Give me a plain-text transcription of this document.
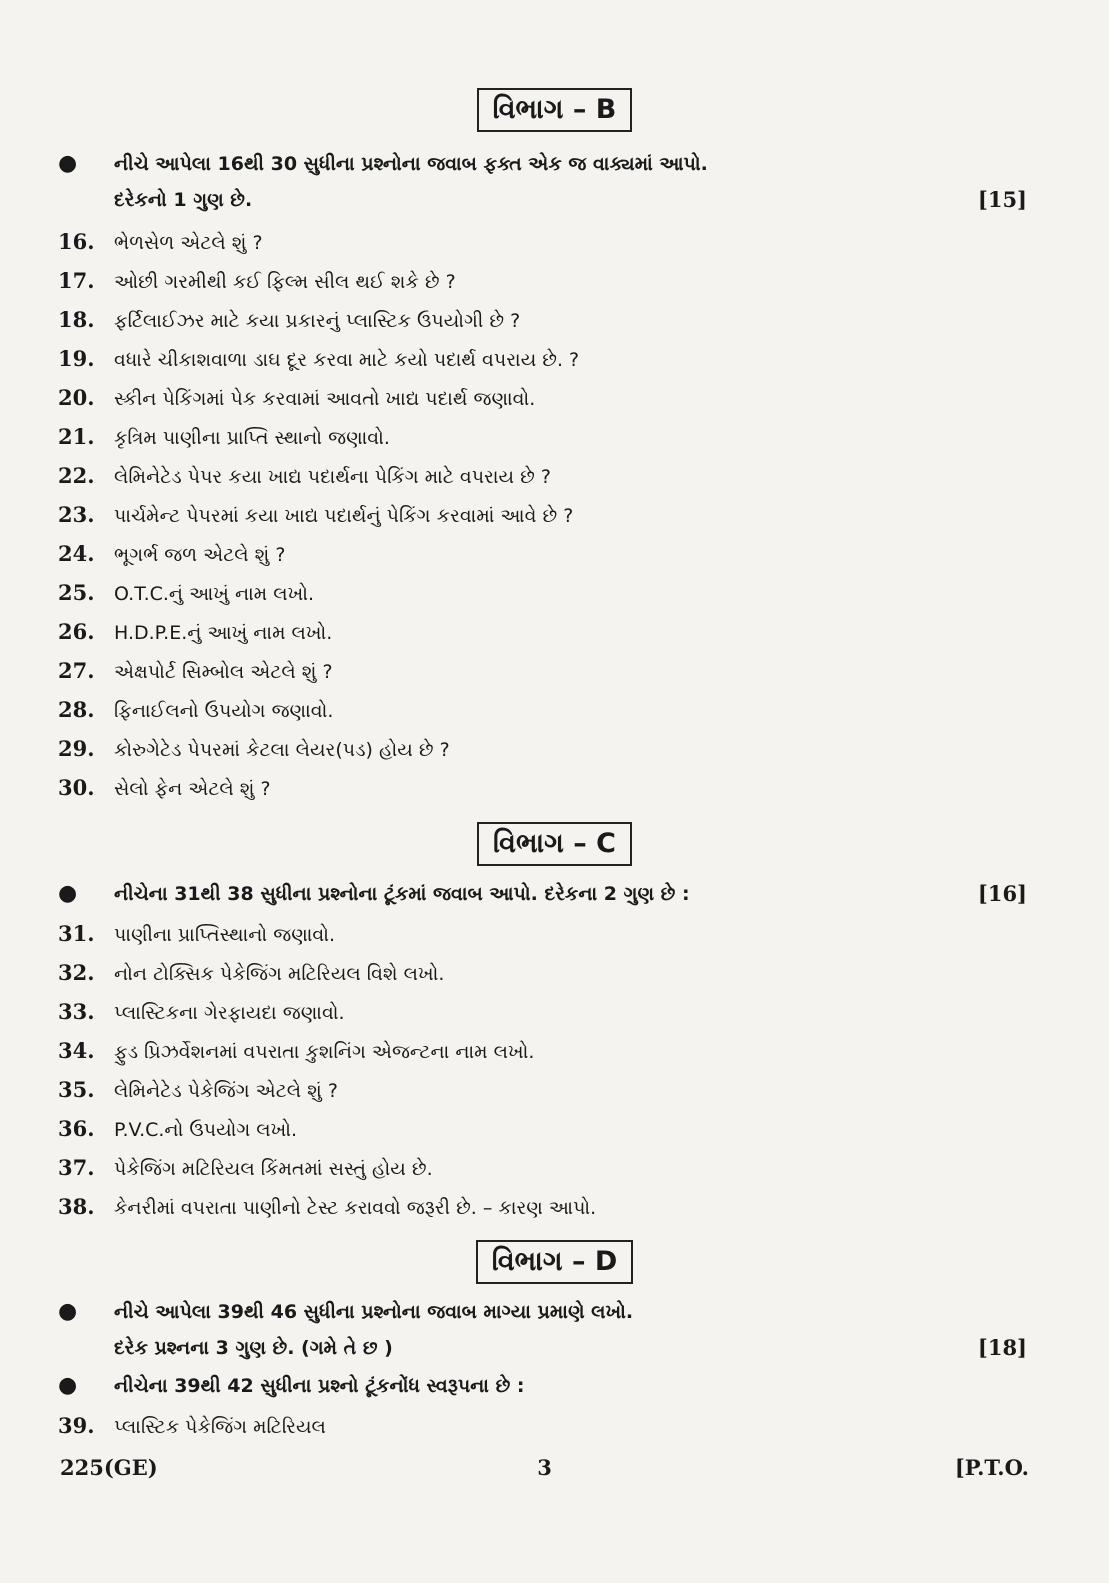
વિભાગ – B
● નીચે આપેલા 16થી 30 સુધીના પ્રશ્નોના જવાબ ફક્ત એક જ વાક્યમાં આપો.
દરેકનો 1 ગુણ છે.	[15]
16. ભેળસેળ એટલે શું ?
17. ઓછી ગરમીથી કઈ ફિલ્મ સીલ થઈ શકે છે ?
18. ફર્ટિલાઈઝર માટે કયા પ્રકારનું પ્લાસ્ટિક ઉપયોગી છે ?
19. વધારે ચીકાશવાળા ડાઘ દૂર કરવા માટે કયો પદાર્થ વપરાય છે. ?
20. સ્કીન પેકિંગમાં પેક કરવામાં આવતો ખાદ્ય પદાર્થ જણાવો.
21. કૃત્રિમ પાણીના પ્રાપ્તિ સ્થાનો જણાવો.
22. લેમિનેટેડ પેપર કયા ખાદ્ય પદાર્થના પેકિંગ માટે વપરાય છે ?
23. પાર્ચમેન્ટ પેપરમાં કયા ખાદ્ય પદાર્થનું પેકિંગ કરવામાં આવે છે ?
24. ભૂગર્ભ જળ એટલે શું ?
25. O.T.C.નું આખું નામ લખો.
26. H.D.P.E.નું આખું નામ લખો.
27. એક્ષપોર્ટ સિમ્બોલ એટલે શું ?
28. ફિનાઈલનો ઉપયોગ જણાવો.
29. કોરુગેટેડ પેપરમાં કેટલા લેયર(પડ) હોય છે ?
30. સેલો ફેન એટલે શું ?
વિભાગ – C
● નીચેના 31થી 38 સુધીના પ્રશ્નોના ટૂંકમાં જવાબ આપો. દરેકના 2 ગુણ છે :	[16]
31. પાણીના પ્રાપ્તિસ્થાનો જણાવો.
32. નોન ટોક્સિક પેકેજિંગ મટિરિયલ વિશે લખો.
33. પ્લાસ્ટિકના ગેરફાયદા જણાવો.
34. ફુડ પ્રિઝર્વેશનમાં વપરાતા કુશનિંગ એજન્ટના નામ લખો.
35. લેમિનેટેડ પેકેજિંગ એટલે શું ?
36. P.V.C.નો ઉપયોગ લખો.
37. પેકેજિંગ મટિરિયલ કિંમતમાં સસ્તું હોય છે.
38. કેનરીમાં વપરાતા પાણીનો ટેસ્ટ કરાવવો જરૂરી છે. – કારણ આપો.
વિભાગ – D
● નીચે આપેલા 39થી 46 સુધીના પ્રશ્નોના જવાબ માગ્યા પ્રમાણે લખો.
દરેક પ્રશ્નના 3 ગુણ છે. (ગમે તે છ )	[18]
● નીચેના 39થી 42 સુધીના પ્રશ્નો ટૂંકનોંધ સ્વરૂપના છે :
39. પ્લાસ્ટિક પેકેજિંગ મટિરિયલ
225(GE)	3	[P.T.O.
